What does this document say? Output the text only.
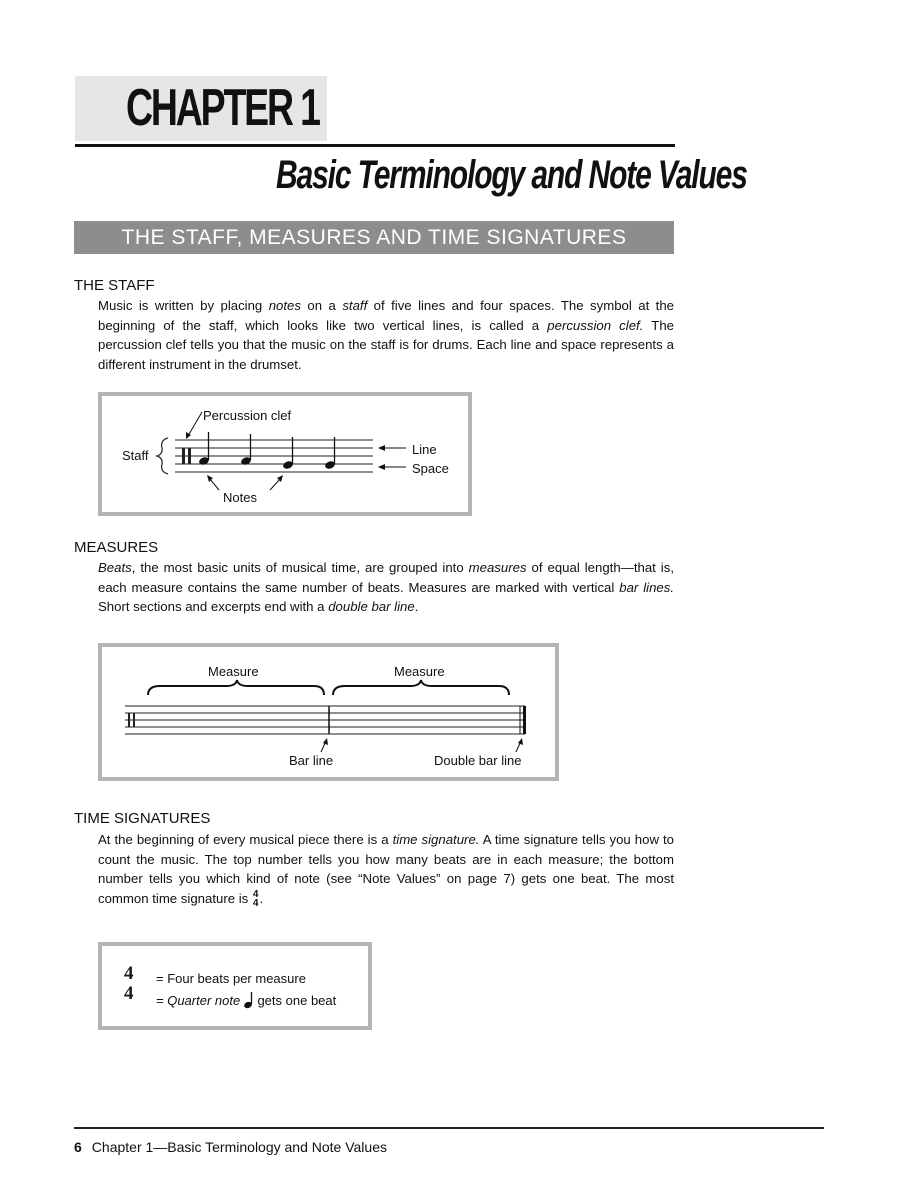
CHAPTER 1
Basic Terminology and Note Values
THE STAFF, MEASURES AND TIME SIGNATURES
THE STAFF
Music is written by placing notes on a staff of five lines and four spaces. The symbol at the beginning of the staff, which looks like two vertical lines, is called a percussion clef. The percussion clef tells you that the music on the staff is for drums. Each line and space represents a different instrument in the drumset.
Percussion clef
Staff	Line
Space
Notes
MEASURES
Beats, the most basic units of musical time, are grouped into measures of equal length—that is, each measure contains the same number of beats. Measures are marked with vertical bar lines. Short sections and excerpts end with a double bar line.
Measure	Measure
Bar line	Double bar line
TIME SIGNATURES
At the beginning of every musical piece there is a time signature. A time signature tells you how to count the music. The top number tells you how many beats are in each measure; the bottom number tells you which kind of note (see “Note Values” on page 7) gets one beat. The most common time signature is 4
4 .
4
4
= Four beats per measure
= Quarter note gets one beat
6 Chapter 1—Basic Terminology and Note Values
